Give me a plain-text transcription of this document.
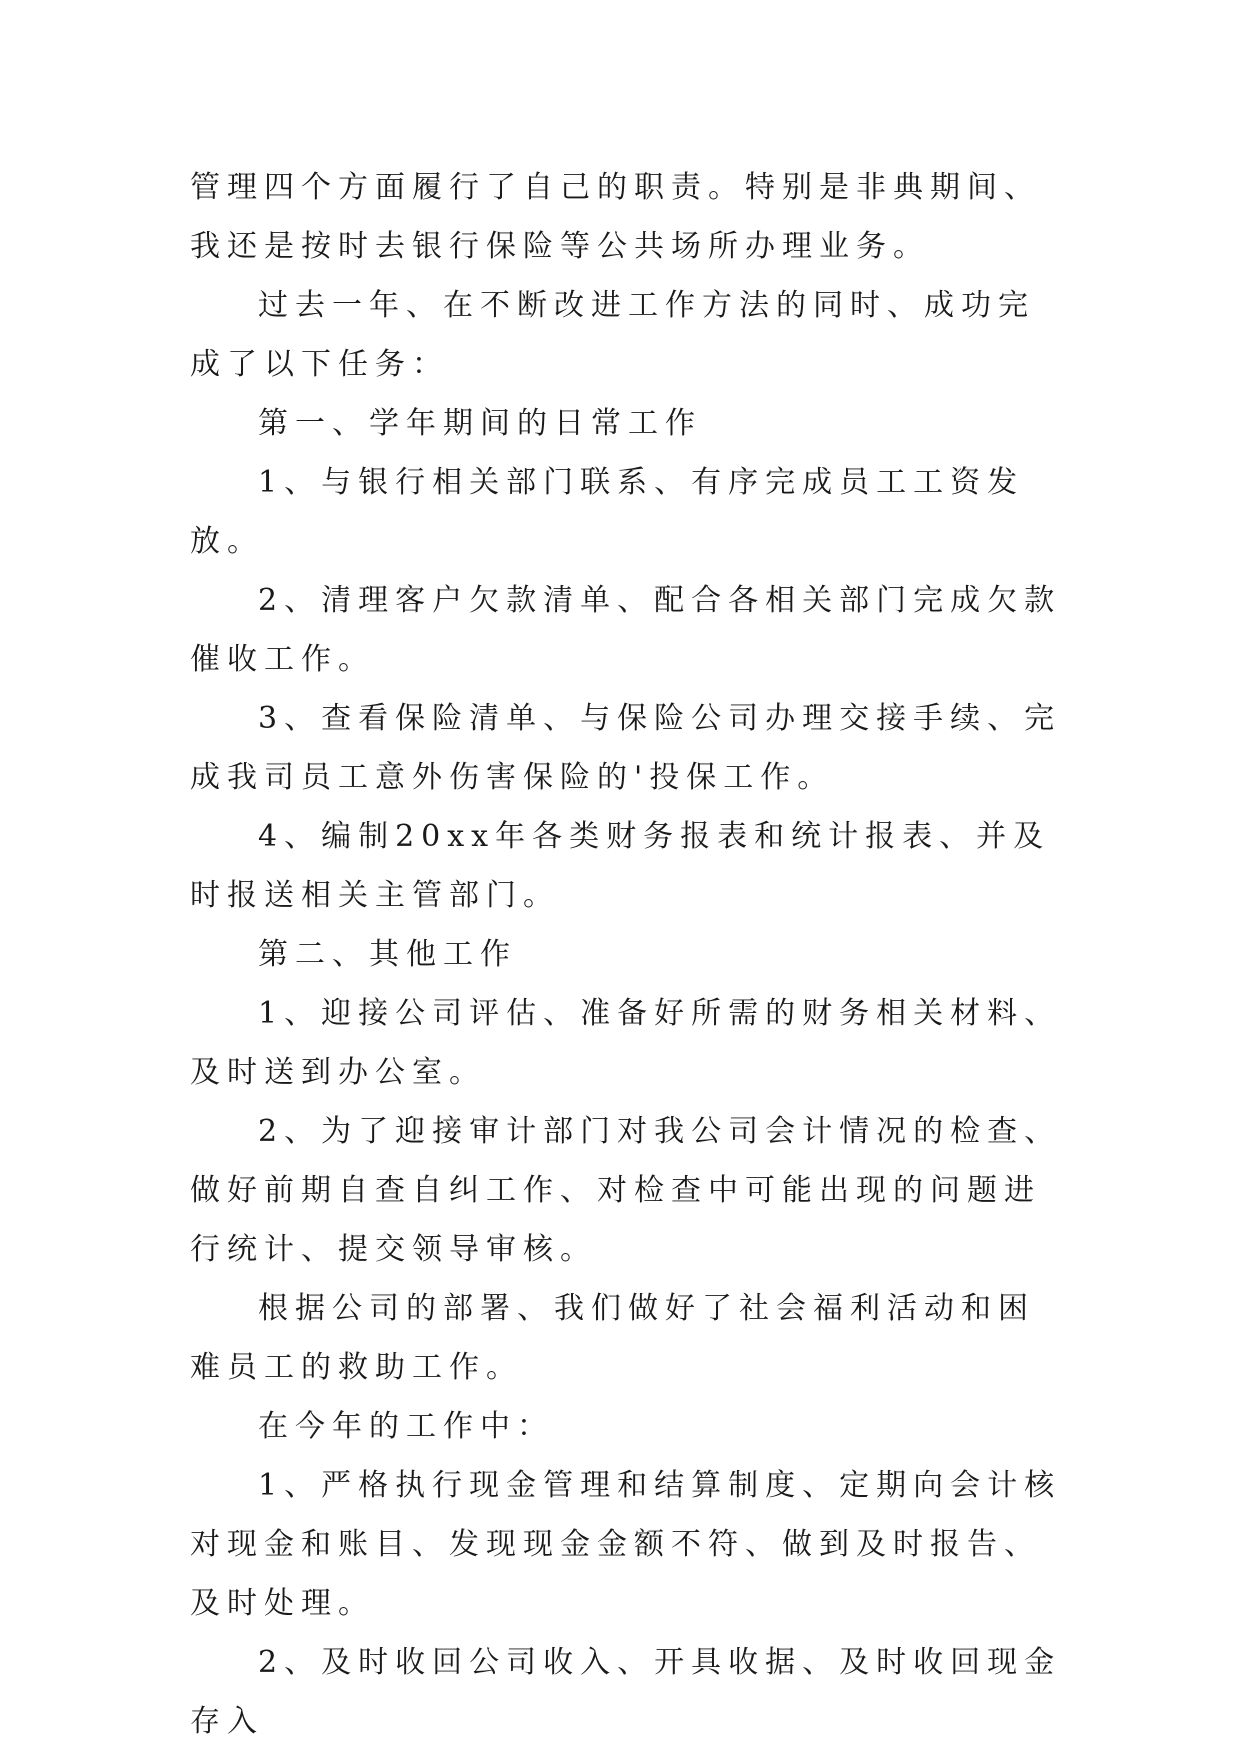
管理四个方面履行了自己的职责。特别是非典期间、我还是按时去银行保险等公共场所办理业务。

过去一年、在不断改进工作方法的同时、成功完成了以下任务：

第一、学年期间的日常工作

1、与银行相关部门联系、有序完成员工工资发放。

2、清理客户欠款清单、配合各相关部门完成欠款催收工作。

3、查看保险清单、与保险公司办理交接手续、完成我司员工意外伤害保险的'投保工作。

4、编制20xx年各类财务报表和统计报表、并及时报送相关主管部门。

第二、其他工作

1、迎接公司评估、准备好所需的财务相关材料、及时送到办公室。

2、为了迎接审计部门对我公司会计情况的检查、做好前期自查自纠工作、对检查中可能出现的问题进行统计、提交领导审核。

根据公司的部署、我们做好了社会福利活动和困难员工的救助工作。

在今年的工作中：

1、严格执行现金管理和结算制度、定期向会计核对现金和账目、发现现金金额不符、做到及时报告、及时处理。

2、及时收回公司收入、开具收据、及时收回现金存入
